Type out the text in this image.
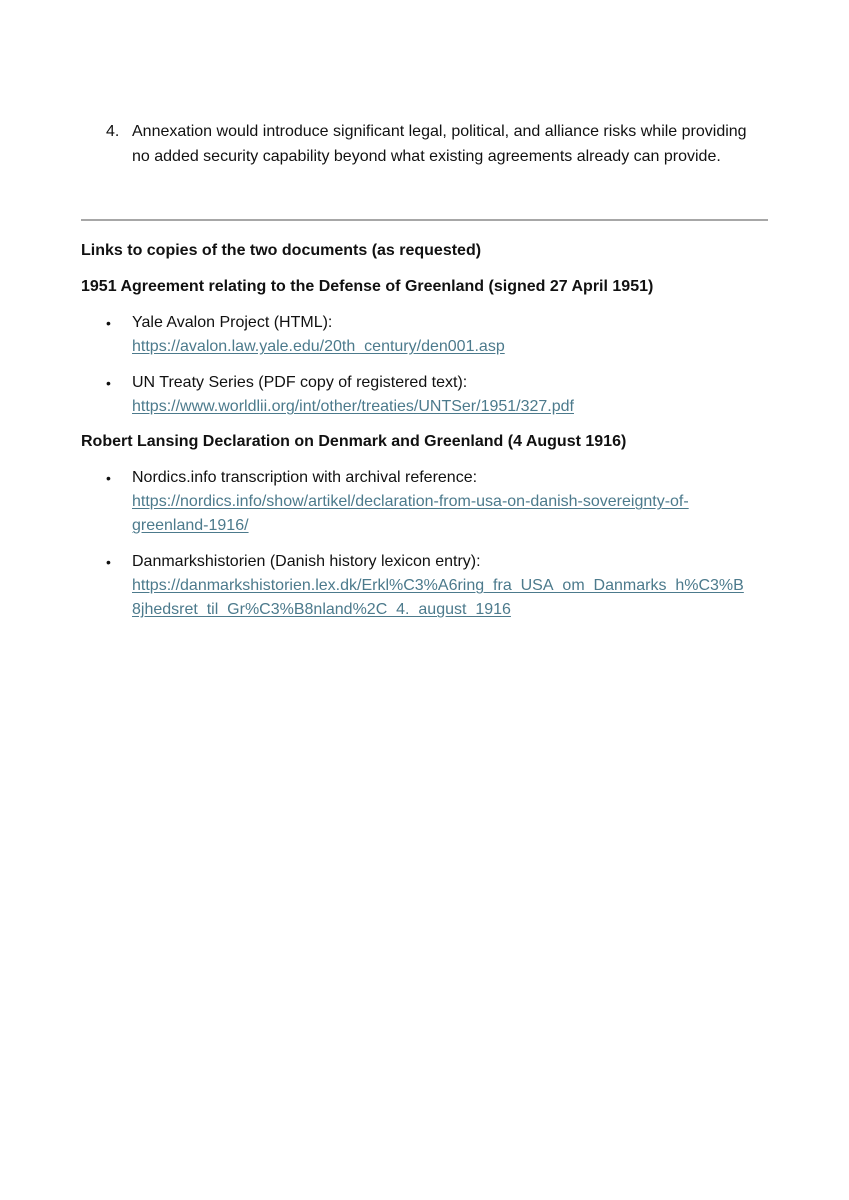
4. Annexation would introduce significant legal, political, and alliance risks while providing no added security capability beyond what existing agreements already can provide.
Links to copies of the two documents (as requested)
1951 Agreement relating to the Defense of Greenland (signed 27 April 1951)
• Yale Avalon Project (HTML):
https://avalon.law.yale.edu/20th_century/den001.asp
• UN Treaty Series (PDF copy of registered text):
https://www.worldlii.org/int/other/treaties/UNTSer/1951/327.pdf
Robert Lansing Declaration on Denmark and Greenland (4 August 1916)
• Nordics.info transcription with archival reference:
https://nordics.info/show/artikel/declaration-from-usa-on-danish-sovereignty-of-
greenland-1916/
• Danmarkshistorien (Danish history lexicon entry):
https://danmarkshistorien.lex.dk/Erkl%C3%A6ring_fra_USA_om_Danmarks_h%C3%B
8jhedsret_til_Gr%C3%B8nland%2C_4._august_1916
